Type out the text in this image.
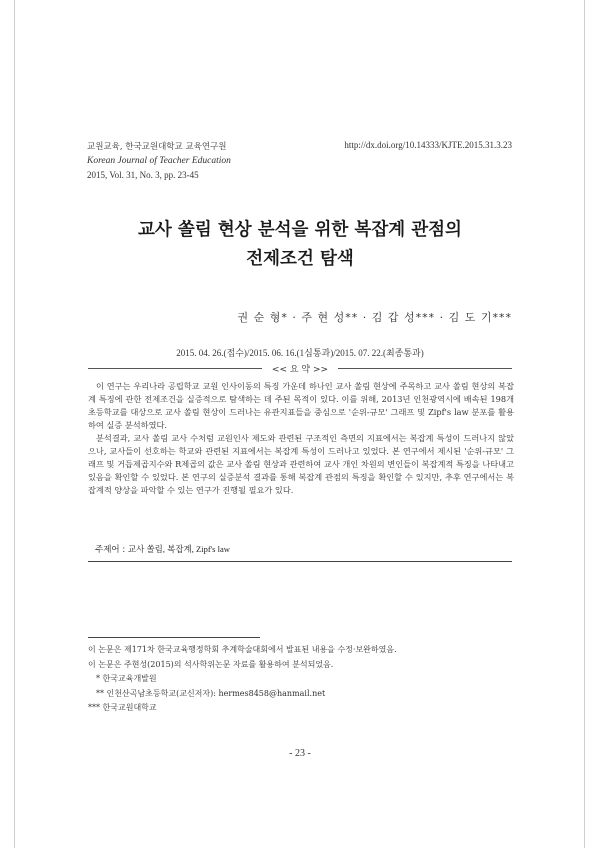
교원교육, 한국교원대학교 교육연구원
Korean Journal of Teacher Education
2015, Vol. 31, No. 3, pp. 23-45
http://dx.doi.org/10.14333/KJTE.2015.31.3.23
교사 쏠림 현상 분석을 위한 복잡계 관점의
전제조건 탐색
권 순 형* · 주 현 성** · 김 갑 성*** · 김 도 기***
2015. 04. 26.(접수)/2015. 06. 16.(1심통과)/2015. 07. 22.(최종통과)
<< 요 약 >>

이 연구는 우리나라 공립학교 교원 인사이동의 특징 가운데 하나인 교사 쏠림 현상에 주목하고 교사 쏠림 현상의 복잡계 특징에 관한 전제조건을 실증적으로 탐색하는 데 주된 목적이 있다. 이를 위해, 2013년 인천광역시에 배속된 198개 초등학교를 대상으로 교사 쏠림 현상이 드러나는 유관지표들을 중심으로 '순위-규모' 그래프 및 Zipf's law 분포를 활용하여 실증 분석하였다.

분석결과, 교사 쏠림 교사 수처럼 교원인사 제도와 관련된 구조적인 측면의 지표에서는 복잡계 특성이 드러나지 않았으나, 교사들이 선호하는 학교와 관련된 지표에서는 복잡계 특성이 드러나고 있었다. 본 연구에서 제시된 '순위-규모' 그래프 및 거듭제곱지수와 R제곱의 값은 교사 쏠림 현상과 관련하여 교사 개인 차원의 변인들이 복잡계적 특징을 나타내고 있음을 확인할 수 있었다. 본 연구의 실증분석 결과를 통해 복잡계 관점의 특징을 확인할 수 있지만, 추후 연구에서는 복잡계적 양상을 파악할 수 있는 연구가 진행될 필요가 있다.

주제어 : 교사 쏠림, 복잡계, Zipf's law
이 논문은 제171차 한국교육행정학회 추계학술대회에서 발표된 내용을 수정·보완하였음.
이 논문은 주현성(2015)의 석사학위논문 자료를 활용하여 분석되었음.
* 한국교육개발원
** 인천산곡남초등학교(교신저자): hermes8458@hanmail.net
*** 한국교원대학교
- 23 -
